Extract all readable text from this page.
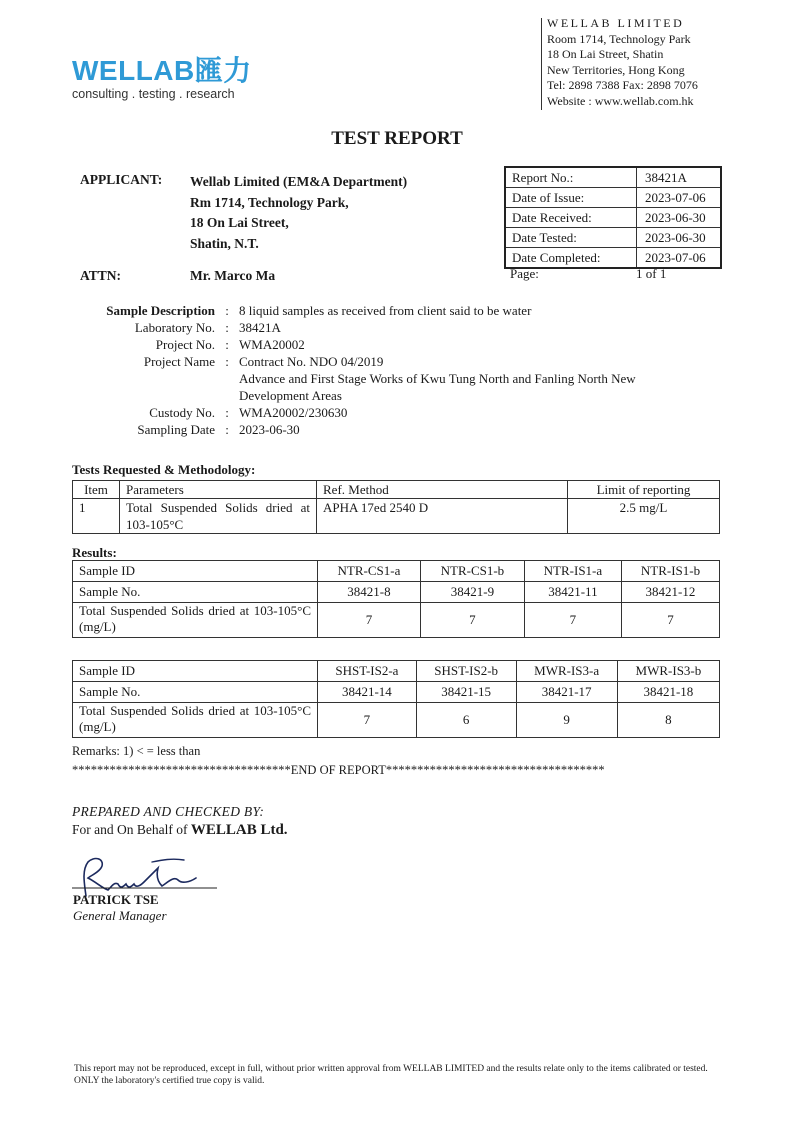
WELLAB匯力
consulting . testing . research
WELLAB LIMITED
Room 1714, Technology Park
18 On Lai Street, Shatin
New Territories, Hong Kong
Tel: 2898 7388 Fax: 2898 7076
Website : www.wellab.com.hk
TEST REPORT
APPLICANT: Wellab Limited (EM&A Department)
Rm 1714, Technology Park,
18 On Lai Street,
Shatin, N.T.
ATTN:	Mr. Marco Ma
Report No.:	38421A
Date of Issue:	2023-07-06
Date Received:	2023-06-30
Date Tested:	2023-06-30
Date Completed:	2023-07-06
Page:	1 of 1
Sample Description : 8 liquid samples as received from client said to be water
Laboratory No. : 38421A
Project No. : WMA20002
Project Name : Contract No. NDO 04/2019
Advance and First Stage Works of Kwu Tung North and Fanling North New
Development Areas
Custody No. : WMA20002/230630
Sampling Date : 2023-06-30
Tests Requested & Methodology:
Item	Parameters	Ref. Method	Limit of reporting
1	Total Suspended Solids dried at 103-105°C	APHA 17ed 2540 D	2.5 mg/L
Results:
Sample ID	NTR-CS1-a	NTR-CS1-b	NTR-IS1-a	NTR-IS1-b
Sample No.	38421-8	38421-9	38421-11	38421-12
Total Suspended Solids dried at 103-105°C (mg/L)	7	7	7	7
Sample ID	SHST-IS2-a	SHST-IS2-b	MWR-IS3-a	MWR-IS3-b
Sample No.	38421-14	38421-15	38421-17	38421-18
Total Suspended Solids dried at 103-105°C (mg/L)	7	6	9	8
Remarks: 1) < = less than
***********************************END OF REPORT***********************************
PREPARED AND CHECKED BY:
For and On Behalf of WELLAB Ltd.
PATRICK TSE
General Manager
This report may not be reproduced, except in full, without prior written approval from WELLAB LIMITED and the results relate only to the items calibrated or tested. ONLY the laboratory's certified true copy is valid.
